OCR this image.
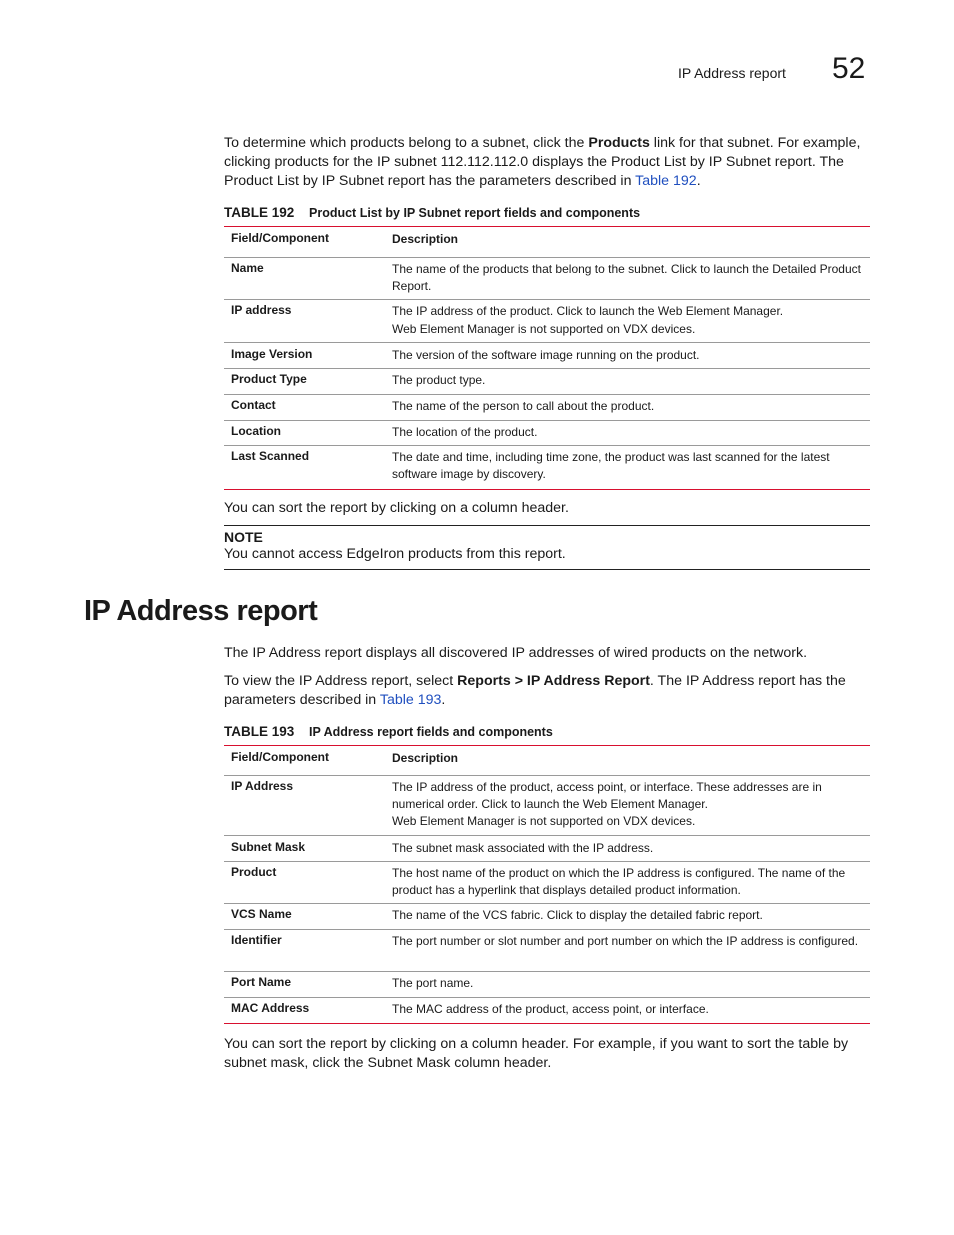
IP Address report 52
To determine which products belong to a subnet, click the Products link for that subnet. For example, clicking products for the IP subnet 112.112.112.0 displays the Product List by IP Subnet report. The Product List by IP Subnet report has the parameters described in Table 192.
TABLE 192 Product List by IP Subnet report fields and components
Field/Component	Description
Name	The name of the products that belong to the subnet. Click to launch the Detailed Product Report.
IP address	The IP address of the product. Click to launch the Web Element Manager.
Web Element Manager is not supported on VDX devices.
Image Version	The version of the software image running on the product.
Product Type	The product type.
Contact	The name of the person to call about the product.
Location	The location of the product.
Last Scanned	The date and time, including time zone, the product was last scanned for the latest software image by discovery.
You can sort the report by clicking on a column header.
NOTE
You cannot access EdgeIron products from this report.
IP Address report
The IP Address report displays all discovered IP addresses of wired products on the network.
To view the IP Address report, select Reports > IP Address Report. The IP Address report has the parameters described in Table 193.
TABLE 193 IP Address report fields and components
Field/Component	Description
IP Address	The IP address of the product, access point, or interface. These addresses are in numerical order. Click to launch the Web Element Manager.
Web Element Manager is not supported on VDX devices.
Subnet Mask	The subnet mask associated with the IP address.
Product	The host name of the product on which the IP address is configured. The name of the product has a hyperlink that displays detailed product information.
VCS Name	The name of the VCS fabric. Click to display the detailed fabric report.
Identifier	The port number or slot number and port number on which the IP address is configured.
Port Name	The port name.
MAC Address	The MAC address of the product, access point, or interface.
You can sort the report by clicking on a column header. For example, if you want to sort the table by subnet mask, click the Subnet Mask column header.
